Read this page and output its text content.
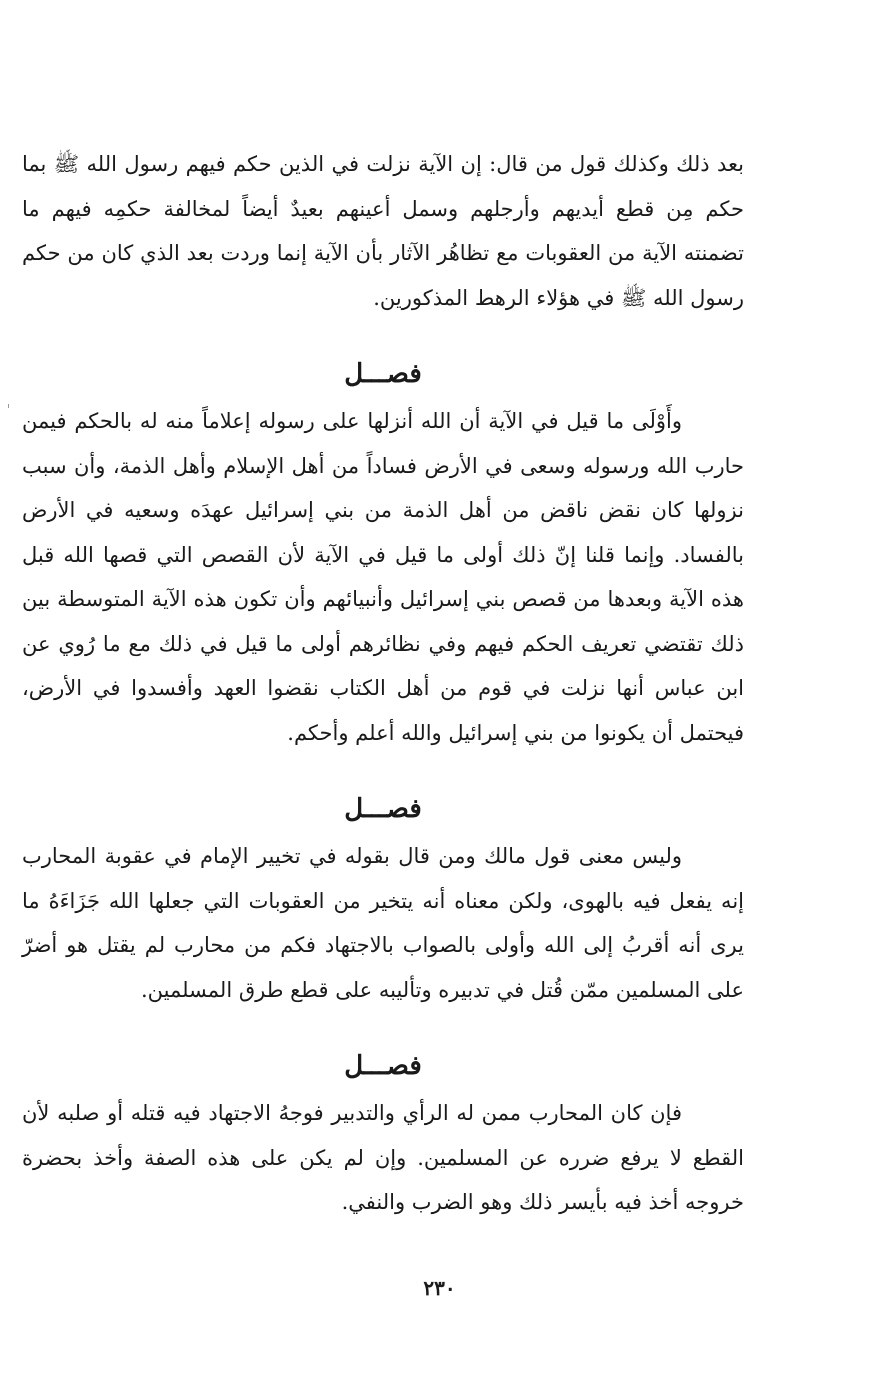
بعد ذلك وكذلك قول من قال: إن الآية نزلت في الذين حكم فيهم رسول الله ﷺ بما حكم مِن قطع أيديهم وأرجلهم وسمل أعينهم بعيدٌ أيضاً لمخالفة حكمِه فيهم ما تضمنته الآية من العقوبات مع تظاهُر الآثار بأن الآية إنما وردت بعد الذي كان من حكم رسول الله ﷺ في هؤلاء الرهط المذكورين.

فصـــل

وأَوْلَى ما قيل في الآية أن الله أنزلها على رسوله إعلاماً منه له بالحكم فيمن حارب الله ورسوله وسعى في الأرض فساداً من أهل الإسلام وأهل الذمة، وأن سبب نزولها كان نقض ناقض من أهل الذمة من بني إسرائيل عهدَه وسعيه في الأرض بالفساد. وإنما قلنا إنّ ذلك أولى ما قيل في الآية لأن القصص التي قصها الله قبل هذه الآية وبعدها من قصص بني إسرائيل وأنبيائهم وأن تكون هذه الآية المتوسطة بين ذلك تقتضي تعريف الحكم فيهم وفي نظائرهم أولى ما قيل في ذلك مع ما رُوي عن ابن عباس أنها نزلت في قوم من أهل الكتاب نقضوا العهد وأفسدوا في الأرض، فيحتمل أن يكونوا من بني إسرائيل والله أعلم وأحكم.

فصـــل

وليس معنى قول مالك ومن قال بقوله في تخيير الإمام في عقوبة المحارب إنه يفعل فيه بالهوى، ولكن معناه أنه يتخير من العقوبات التي جعلها الله جَزَاءَهُ ما يرى أنه أقربُ إلى الله وأولى بالصواب بالاجتهاد فكم من محارب لم يقتل هو أضرّ على المسلمين ممّن قُتل في تدبيره وتأليبه على قطع طرق المسلمين.

فصـــل

فإن كان المحارب ممن له الرأي والتدبير فوجهُ الاجتهاد فيه قتله أو صلبه لأن القطع لا يرفع ضرره عن المسلمين. وإن لم يكن على هذه الصفة وأخذ بحضرة خروجه أخذ فيه بأيسر ذلك وهو الضرب والنفي.

٢٣٠
